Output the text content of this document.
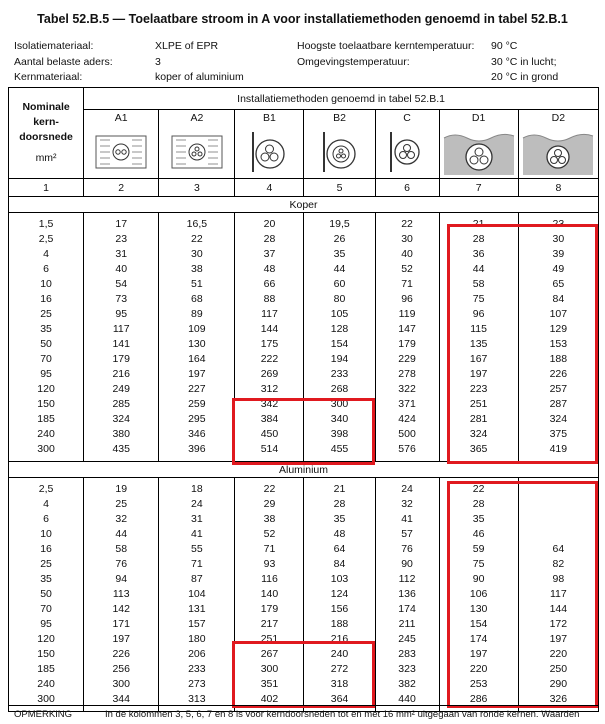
Tabel 52.B.5 — Toelaatbare stroom in A voor installatiemethoden genoemd in tabel 52.B.1
Isolatiemateriaal:	XLPE of EPR	Hoogste toelaatbare kerntemperatuur: 90 °C
Aantal belaste aders:	3	Omgevingstemperatuur:	30 °C in lucht;
Kernmateriaal:	koper of aluminium	20 °C in grond
Nominale
kern-
doorsnede
mm²	Installatiemethoden genoemd in tabel 52.B.1						
	A1	A2	B1	B2	C	D1	D2

1	2	3	4	5	6	7	8
Koper							

1,5	17	16,5	20	19,5	22	21	23
2,5	23	22	28	26	30	28	30
4	31	30	37	35	40	36	39
6	40	38	48	44	52	44	49
10	54	51	66	60	71	58	65
16	73	68	88	80	96	75	84
25	95	89	117	105	119	96	107
35	117	109	144	128	147	115	129
50	141	130	175	154	179	135	153
70	179	164	222	194	229	167	188
95	216	197	269	233	278	197	226
120	249	227	312	268	322	223	257
150	285	259	342	300	371	251	287
185	324	295	384	340	424	281	324
240	380	346	450	398	500	324	375
300	435	396	514	455	576	365	419

Aluminium							

2,5	19	18	22	21	24	22	
4	25	24	29	28	32	28	
6	32	31	38	35	41	35	
10	44	41	52	48	57	46	
16	58	55	71	64	76	59	64
25	76	71	93	84	90	75	82
35	94	87	116	103	112	90	98
50	113	104	140	124	136	106	117
70	142	131	179	156	174	130	144
95	171	157	217	188	211	154	172
120	197	180	251	216	245	174	197
150	226	206	267	240	283	197	220
185	256	233	300	272	323	220	250
240	300	273	351	318	382	253	290
300	344	313	402	364	440	286	326

OPMERKING	In de kolommen 3, 5, 6, 7 en 8 is voor kerndoorsneden tot en met 16 mm² uitgegaan van ronde kernen. Waarden
